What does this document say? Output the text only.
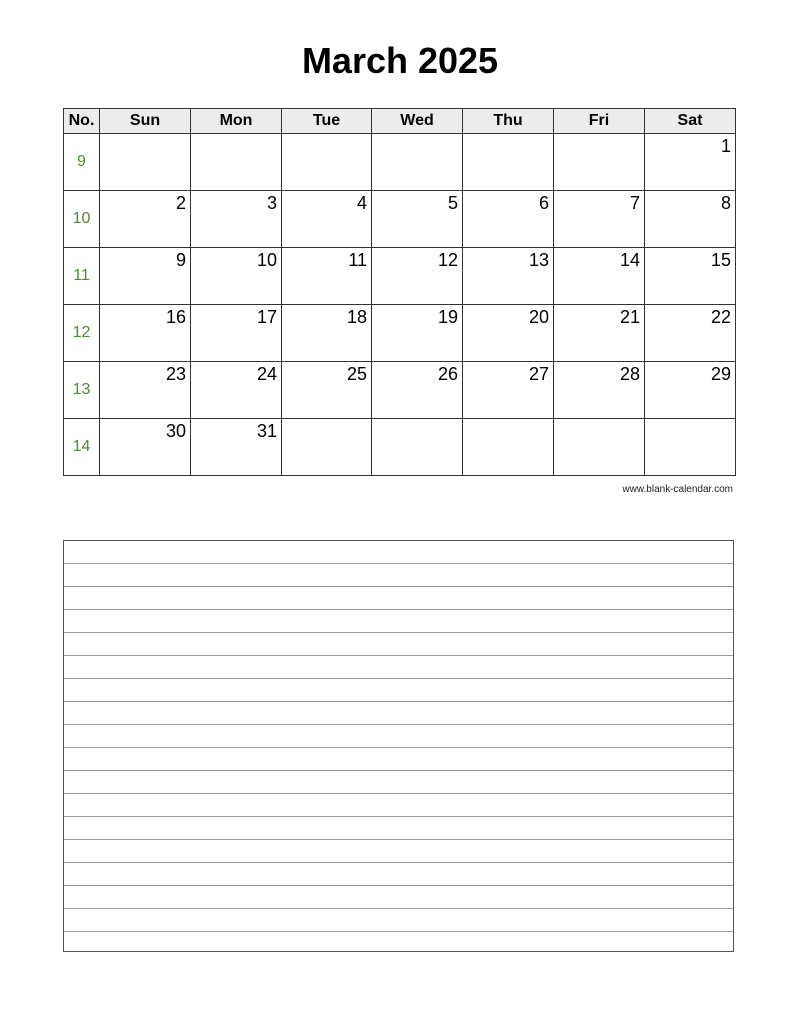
March 2025
No.	Sun	Mon	Tue	Wed	Thu	Fri	Sat
9							1

10	2	3	4	5	6	7	8

11	9	10	11	12	13	14	15

12	16	17	18	19	20	21	22

13	23	24	25	26	27	28	29

14	30	31					

www.blank-calendar.com
